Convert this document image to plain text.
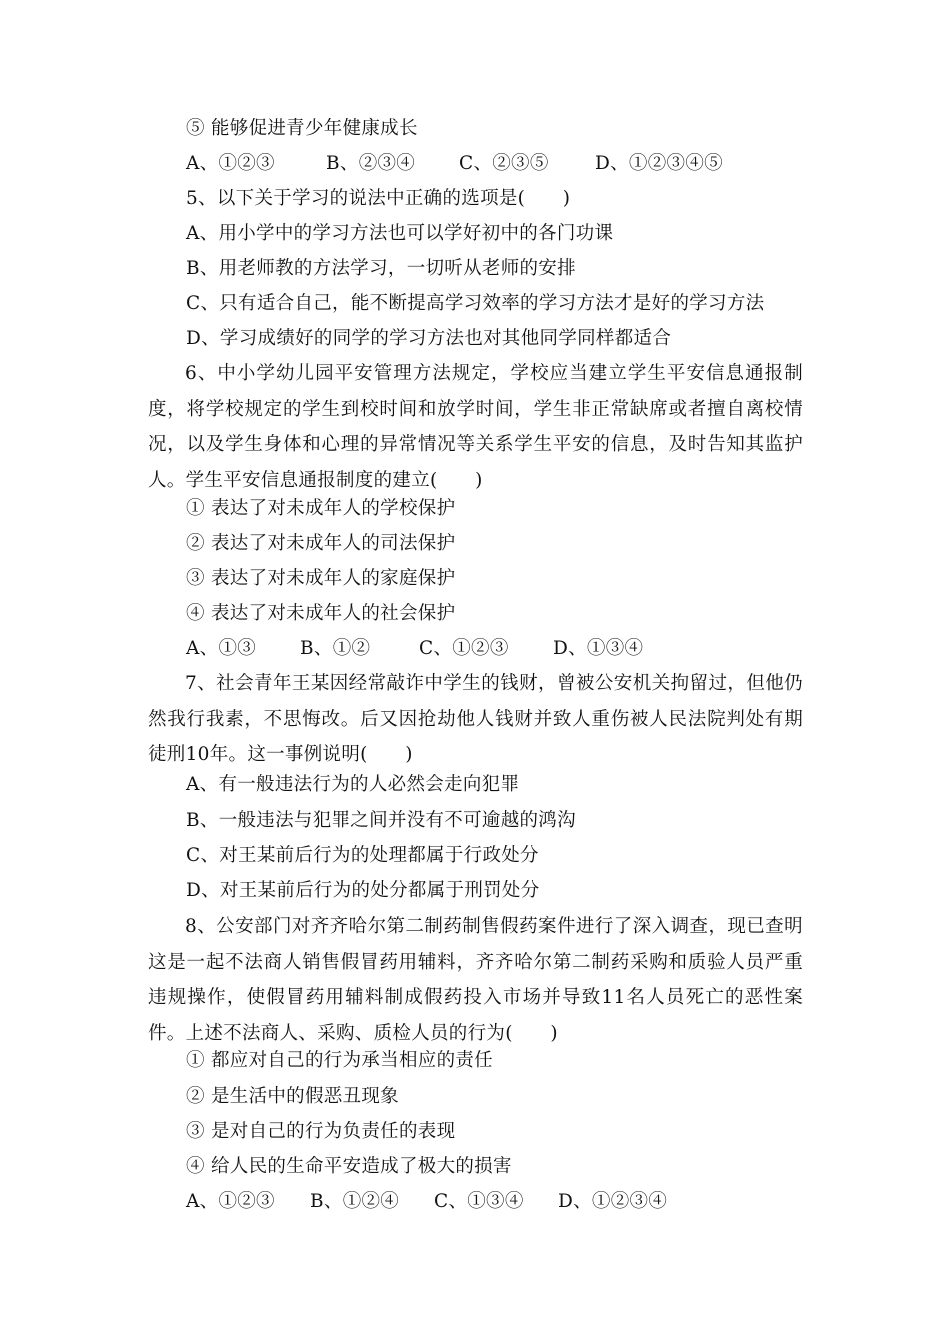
⑤ 能够促进青少年健康成长
A、①②③	B、②③④ C、②③⑤	D、①②③④⑤
5、以下关于学习的说法中正确的选项是(　　)
A、用小学中的学习方法也可以学好初中的各门功课
B、用老师教的方法学习，一切听从老师的安排
C、只有适合自己，能不断提高学习效率的学习方法才是好的学习方法
D、学习成绩好的同学的学习方法也对其他同学同样都适合
6、中小学幼儿园平安管理方法规定，学校应当建立学生平安信息通报制度，将学校规定的学生到校时间和放学时间，学生非正常缺席或者擅自离校情况，以及学生身体和心理的异常情况等关系学生平安的信息，及时告知其监护人。学生平安信息通报制度的建立(　　)
① 表达了对未成年人的学校保护
② 表达了对未成年人的司法保护
③ 表达了对未成年人的家庭保护
④ 表达了对未成年人的社会保护
A、①③ B、①②	C、①②③ D、①③④
7、社会青年王某因经常敲诈中学生的钱财，曾被公安机关拘留过，但他仍然我行我素，不思悔改。后又因抢劫他人钱财并致人重伤被人民法院判处有期徒刑10年。这一事例说明(　　)
A、有一般违法行为的人必然会走向犯罪
B、一般违法与犯罪之间并没有不可逾越的鸿沟
C、对王某前后行为的处理都属于行政处分
D、对王某前后行为的处分都属于刑罚处分
8、公安部门对齐齐哈尔第二制药制售假药案件进行了深入调查，现已查明这是一起不法商人销售假冒药用辅料，齐齐哈尔第二制药采购和质验人员严重违规操作，使假冒药用辅料制成假药投入市场并导致11名人员死亡的恶性案件。上述不法商人、采购、质检人员的行为(　　)
① 都应对自己的行为承当相应的责任
② 是生活中的假恶丑现象
③ 是对自己的行为负责任的表现
④ 给人民的生命平安造成了极大的损害
A、①②③ B、①②④ C、①③④ D、①②③④
